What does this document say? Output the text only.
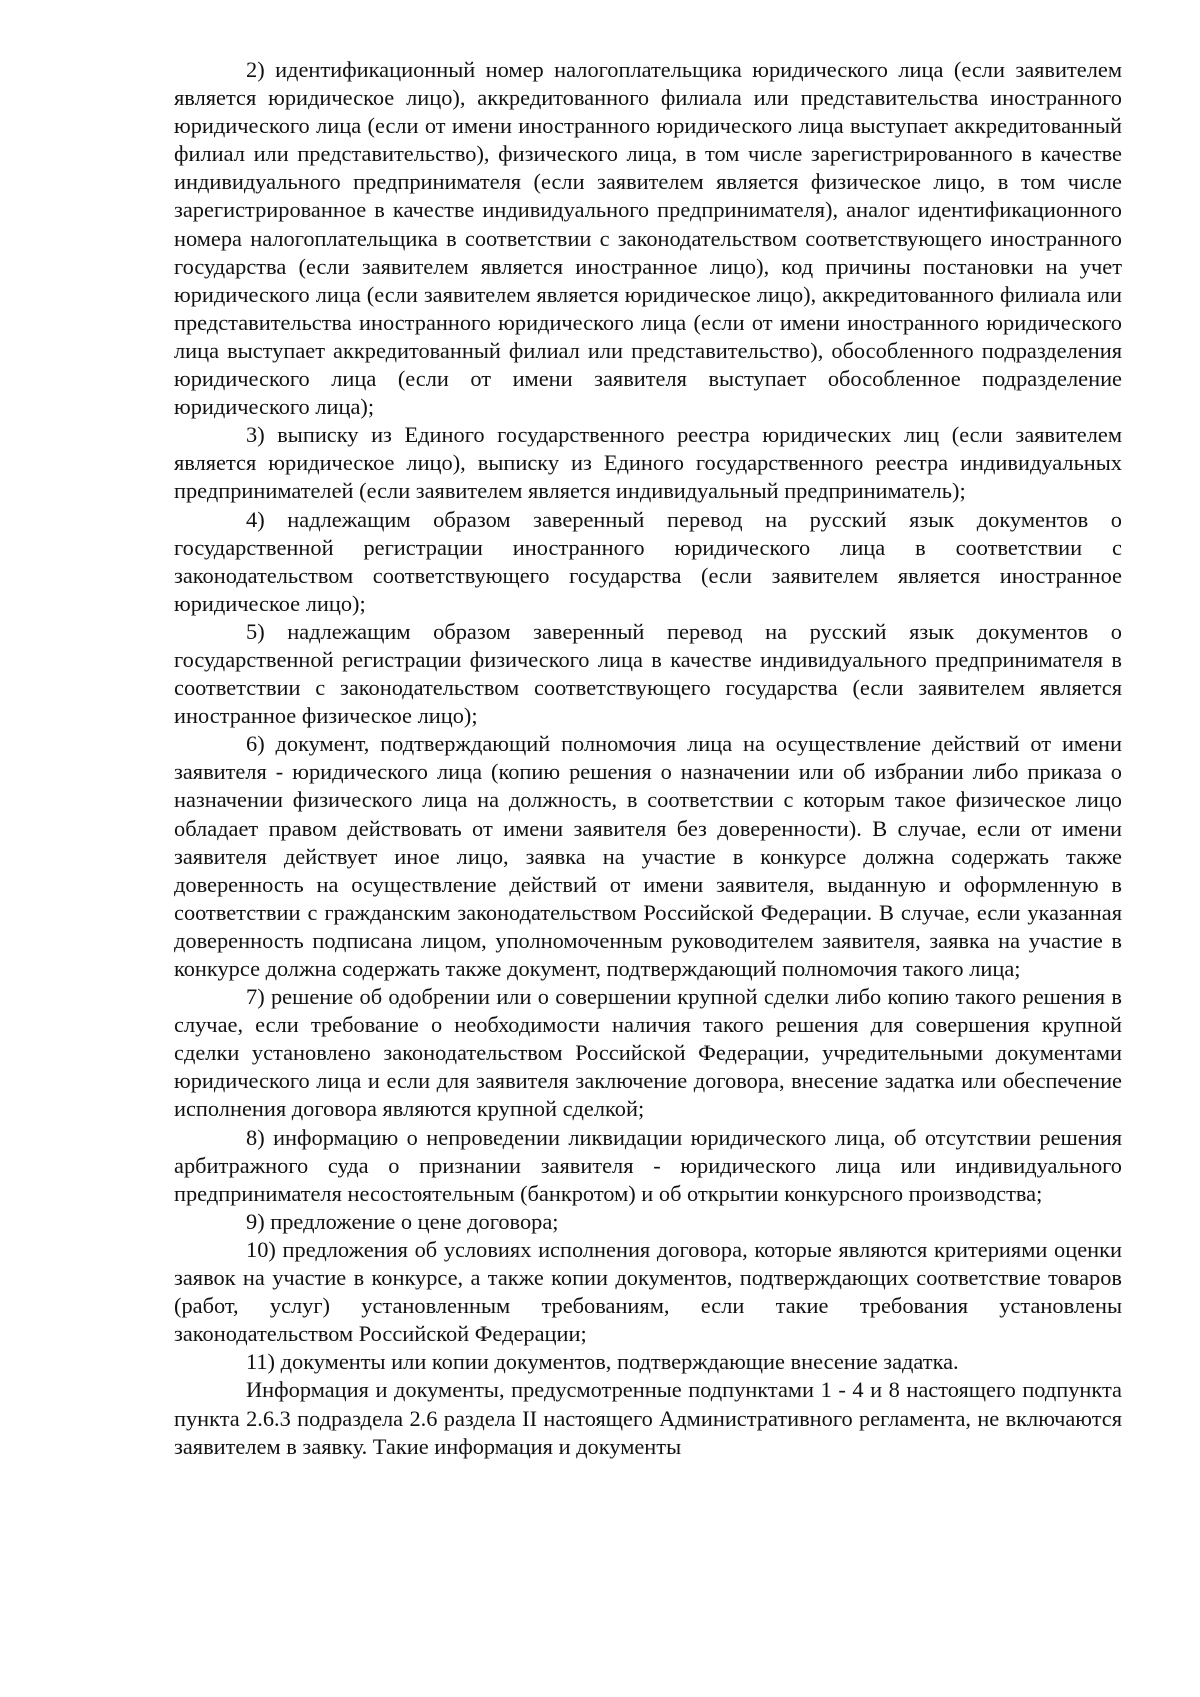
2) идентификационный номер налогоплательщика юридического лица (если заявителем является юридическое лицо), аккредитованного филиала или представительства иностранного юридического лица (если от имени иностранного юридического лица выступает аккредитованный филиал или представительство), физического лица, в том числе зарегистрированного в качестве индивидуального предпринимателя (если заявителем является физическое лицо, в том числе зарегистрированное в качестве индивидуального предпринимателя), аналог идентификационного номера налогоплательщика в соответствии с законодательством соответствующего иностранного государства (если заявителем является иностранное лицо), код причины постановки на учет юридического лица (если заявителем является юридическое лицо), аккредитованного филиала или представительства иностранного юридического лица (если от имени иностранного юридического лица выступает аккредитованный филиал или представительство), обособленного подразделения юридического лица (если от имени заявителя выступает обособленное подразделение юридического лица);

3) выписку из Единого государственного реестра юридических лиц (если заявителем является юридическое лицо), выписку из Единого государственного реестра индивидуальных предпринимателей (если заявителем является индивидуальный предприниматель);

4) надлежащим образом заверенный перевод на русский язык документов о государственной регистрации иностранного юридического лица в соответствии с законодательством соответствующего государства (если заявителем является иностранное юридическое лицо);

5) надлежащим образом заверенный перевод на русский язык документов о государственной регистрации физического лица в качестве индивидуального предпринимателя в соответствии с законодательством соответствующего государства (если заявителем является иностранное физическое лицо);

6) документ, подтверждающий полномочия лица на осуществление действий от имени заявителя - юридического лица (копию решения о назначении или об избрании либо приказа о назначении физического лица на должность, в соответствии с которым такое физическое лицо обладает правом действовать от имени заявителя без доверенности). В случае, если от имени заявителя действует иное лицо, заявка на участие в конкурсе должна содержать также доверенность на осуществление действий от имени заявителя, выданную и оформленную в соответствии с гражданским законодательством Российской Федерации. В случае, если указанная доверенность подписана лицом, уполномоченным руководителем заявителя, заявка на участие в конкурсе должна содержать также документ, подтверждающий полномочия такого лица;

7) решение об одобрении или о совершении крупной сделки либо копию такого решения в случае, если требование о необходимости наличия такого решения для совершения крупной сделки установлено законодательством Российской Федерации, учредительными документами юридического лица и если для заявителя заключение договора, внесение задатка или обеспечение исполнения договора являются крупной сделкой;

8) информацию о непроведении ликвидации юридического лица, об отсутствии решения арбитражного суда о признании заявителя - юридического лица или индивидуального предпринимателя несостоятельным (банкротом) и об открытии конкурсного производства;

9) предложение о цене договора;

10) предложения об условиях исполнения договора, которые являются критериями оценки заявок на участие в конкурсе, а также копии документов, подтверждающих соответствие товаров (работ, услуг) установленным требованиям, если такие требования установлены законодательством Российской Федерации;

11) документы или копии документов, подтверждающие внесение задатка.

Информация и документы, предусмотренные подпунктами 1 - 4 и 8 настоящего подпункта пункта 2.6.3 подраздела 2.6 раздела II настоящего Административного регламента, не включаются заявителем в заявку. Такие информация и документы
